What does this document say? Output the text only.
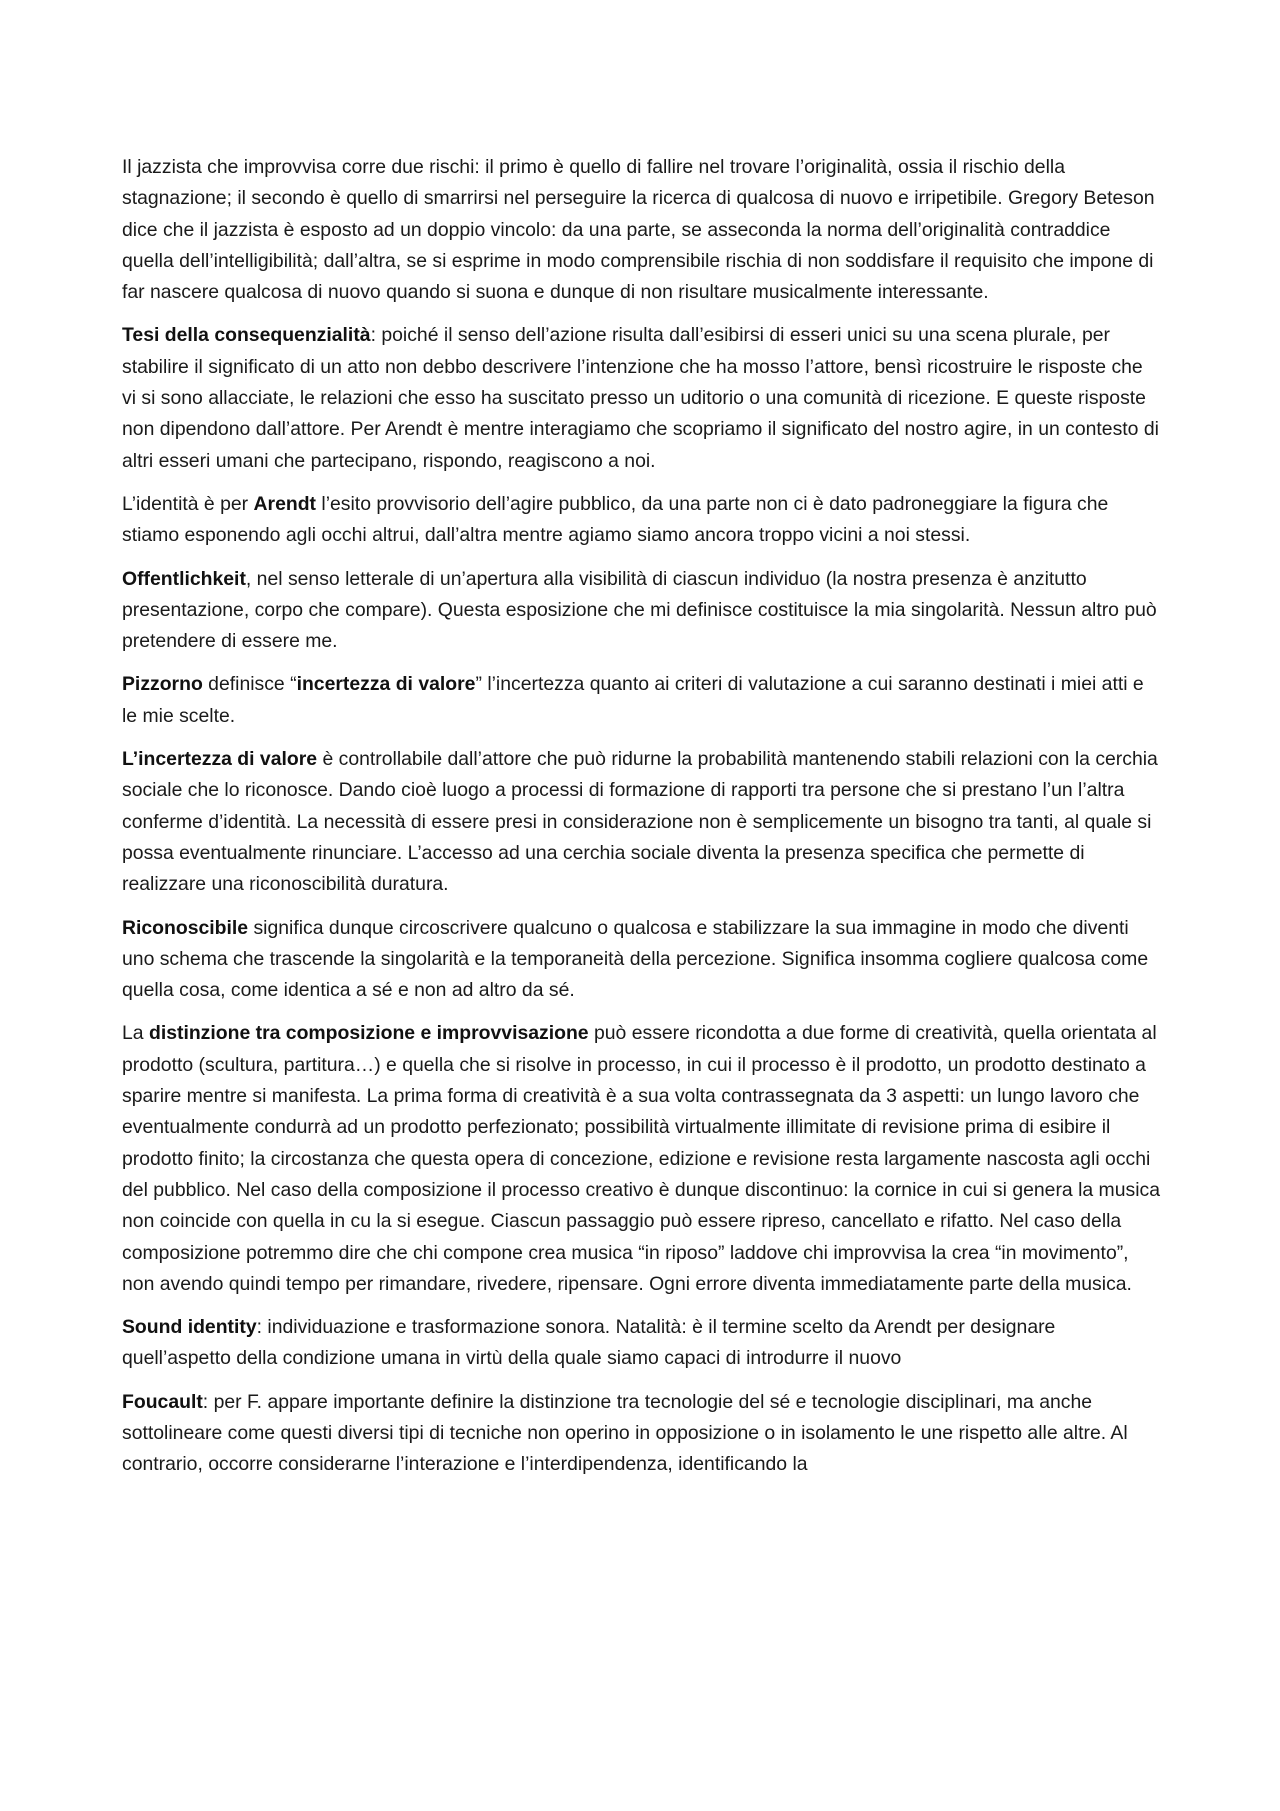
Il jazzista che improvvisa corre due rischi: il primo è quello di fallire nel trovare l’originalità, ossia il rischio della stagnazione; il secondo è quello di smarrirsi nel perseguire la ricerca di qualcosa di nuovo e irripetibile. Gregory Beteson dice che il jazzista è esposto ad un doppio vincolo: da una parte, se asseconda la norma dell’originalità contraddice quella dell’intelligibilità; dall’altra, se si esprime in modo comprensibile rischia di non soddisfare il requisito che impone di far nascere qualcosa di nuovo quando si suona e dunque di non risultare musicalmente interessante.

Tesi della consequenzialità: poiché il senso dell’azione risulta dall’esibirsi di esseri unici su una scena plurale, per stabilire il significato di un atto non debbo descrivere l’intenzione che ha mosso l’attore, bensì ricostruire le risposte che vi si sono allacciate, le relazioni che esso ha suscitato presso un uditorio o una comunità di ricezione. E queste risposte non dipendono dall’attore. Per Arendt è mentre interagiamo che scopriamo il significato del nostro agire, in un contesto di altri esseri umani che partecipano, rispondo, reagiscono a noi.

L’identità è per Arendt l’esito provvisorio dell’agire pubblico, da una parte non ci è dato padroneggiare la figura che stiamo esponendo agli occhi altrui, dall’altra mentre agiamo siamo ancora troppo vicini a noi stessi.

Offentlichkeit, nel senso letterale di un’apertura alla visibilità di ciascun individuo (la nostra presenza è anzitutto presentazione, corpo che compare). Questa esposizione che mi definisce costituisce la mia singolarità. Nessun altro può pretendere di essere me.

Pizzorno definisce “incertezza di valore” l’incertezza quanto ai criteri di valutazione a cui saranno destinati i miei atti e le mie scelte.

L’incertezza di valore è controllabile dall’attore che può ridurne la probabilità mantenendo stabili relazioni con la cerchia sociale che lo riconosce. Dando cioè luogo a processi di formazione di rapporti tra persone che si prestano l’un l’altra conferme d’identità. La necessità di essere presi in considerazione non è semplicemente un bisogno tra tanti, al quale si possa eventualmente rinunciare. L’accesso ad una cerchia sociale diventa la presenza specifica che permette di realizzare una riconoscibilità duratura.

Riconoscibile significa dunque circoscrivere qualcuno o qualcosa e stabilizzare la sua immagine in modo che diventi uno schema che trascende la singolarità e la temporaneità della percezione. Significa insomma cogliere qualcosa come quella cosa, come identica a sé e non ad altro da sé.

La distinzione tra composizione e improvvisazione può essere ricondotta a due forme di creatività, quella orientata al prodotto (scultura, partitura…) e quella che si risolve in processo, in cui il processo è il prodotto, un prodotto destinato a sparire mentre si manifesta. La prima forma di creatività è a sua volta contrassegnata da 3 aspetti: un lungo lavoro che eventualmente condurrà ad un prodotto perfezionato; possibilità virtualmente illimitate di revisione prima di esibire il prodotto finito; la circostanza che questa opera di concezione, edizione e revisione resta largamente nascosta agli occhi del pubblico. Nel caso della composizione il processo creativo è dunque discontinuo: la cornice in cui si genera la musica non coincide con quella in cu la si esegue. Ciascun passaggio può essere ripreso, cancellato e rifatto. Nel caso della composizione potremmo dire che chi compone crea musica “in riposo” laddove chi improvvisa la crea “in movimento”, non avendo quindi tempo per rimandare, rivedere, ripensare. Ogni errore diventa immediatamente parte della musica.

Sound identity: individuazione e trasformazione sonora. Natalità: è il termine scelto da Arendt per designare quell’aspetto della condizione umana in virtù della quale siamo capaci di introdurre il nuovo

Foucault: per F. appare importante definire la distinzione tra tecnologie del sé e tecnologie disciplinari, ma anche sottolineare come questi diversi tipi di tecniche non operino in opposizione o in isolamento le une rispetto alle altre. Al contrario, occorre considerarne l’interazione e l’interdipendenza, identificando la
